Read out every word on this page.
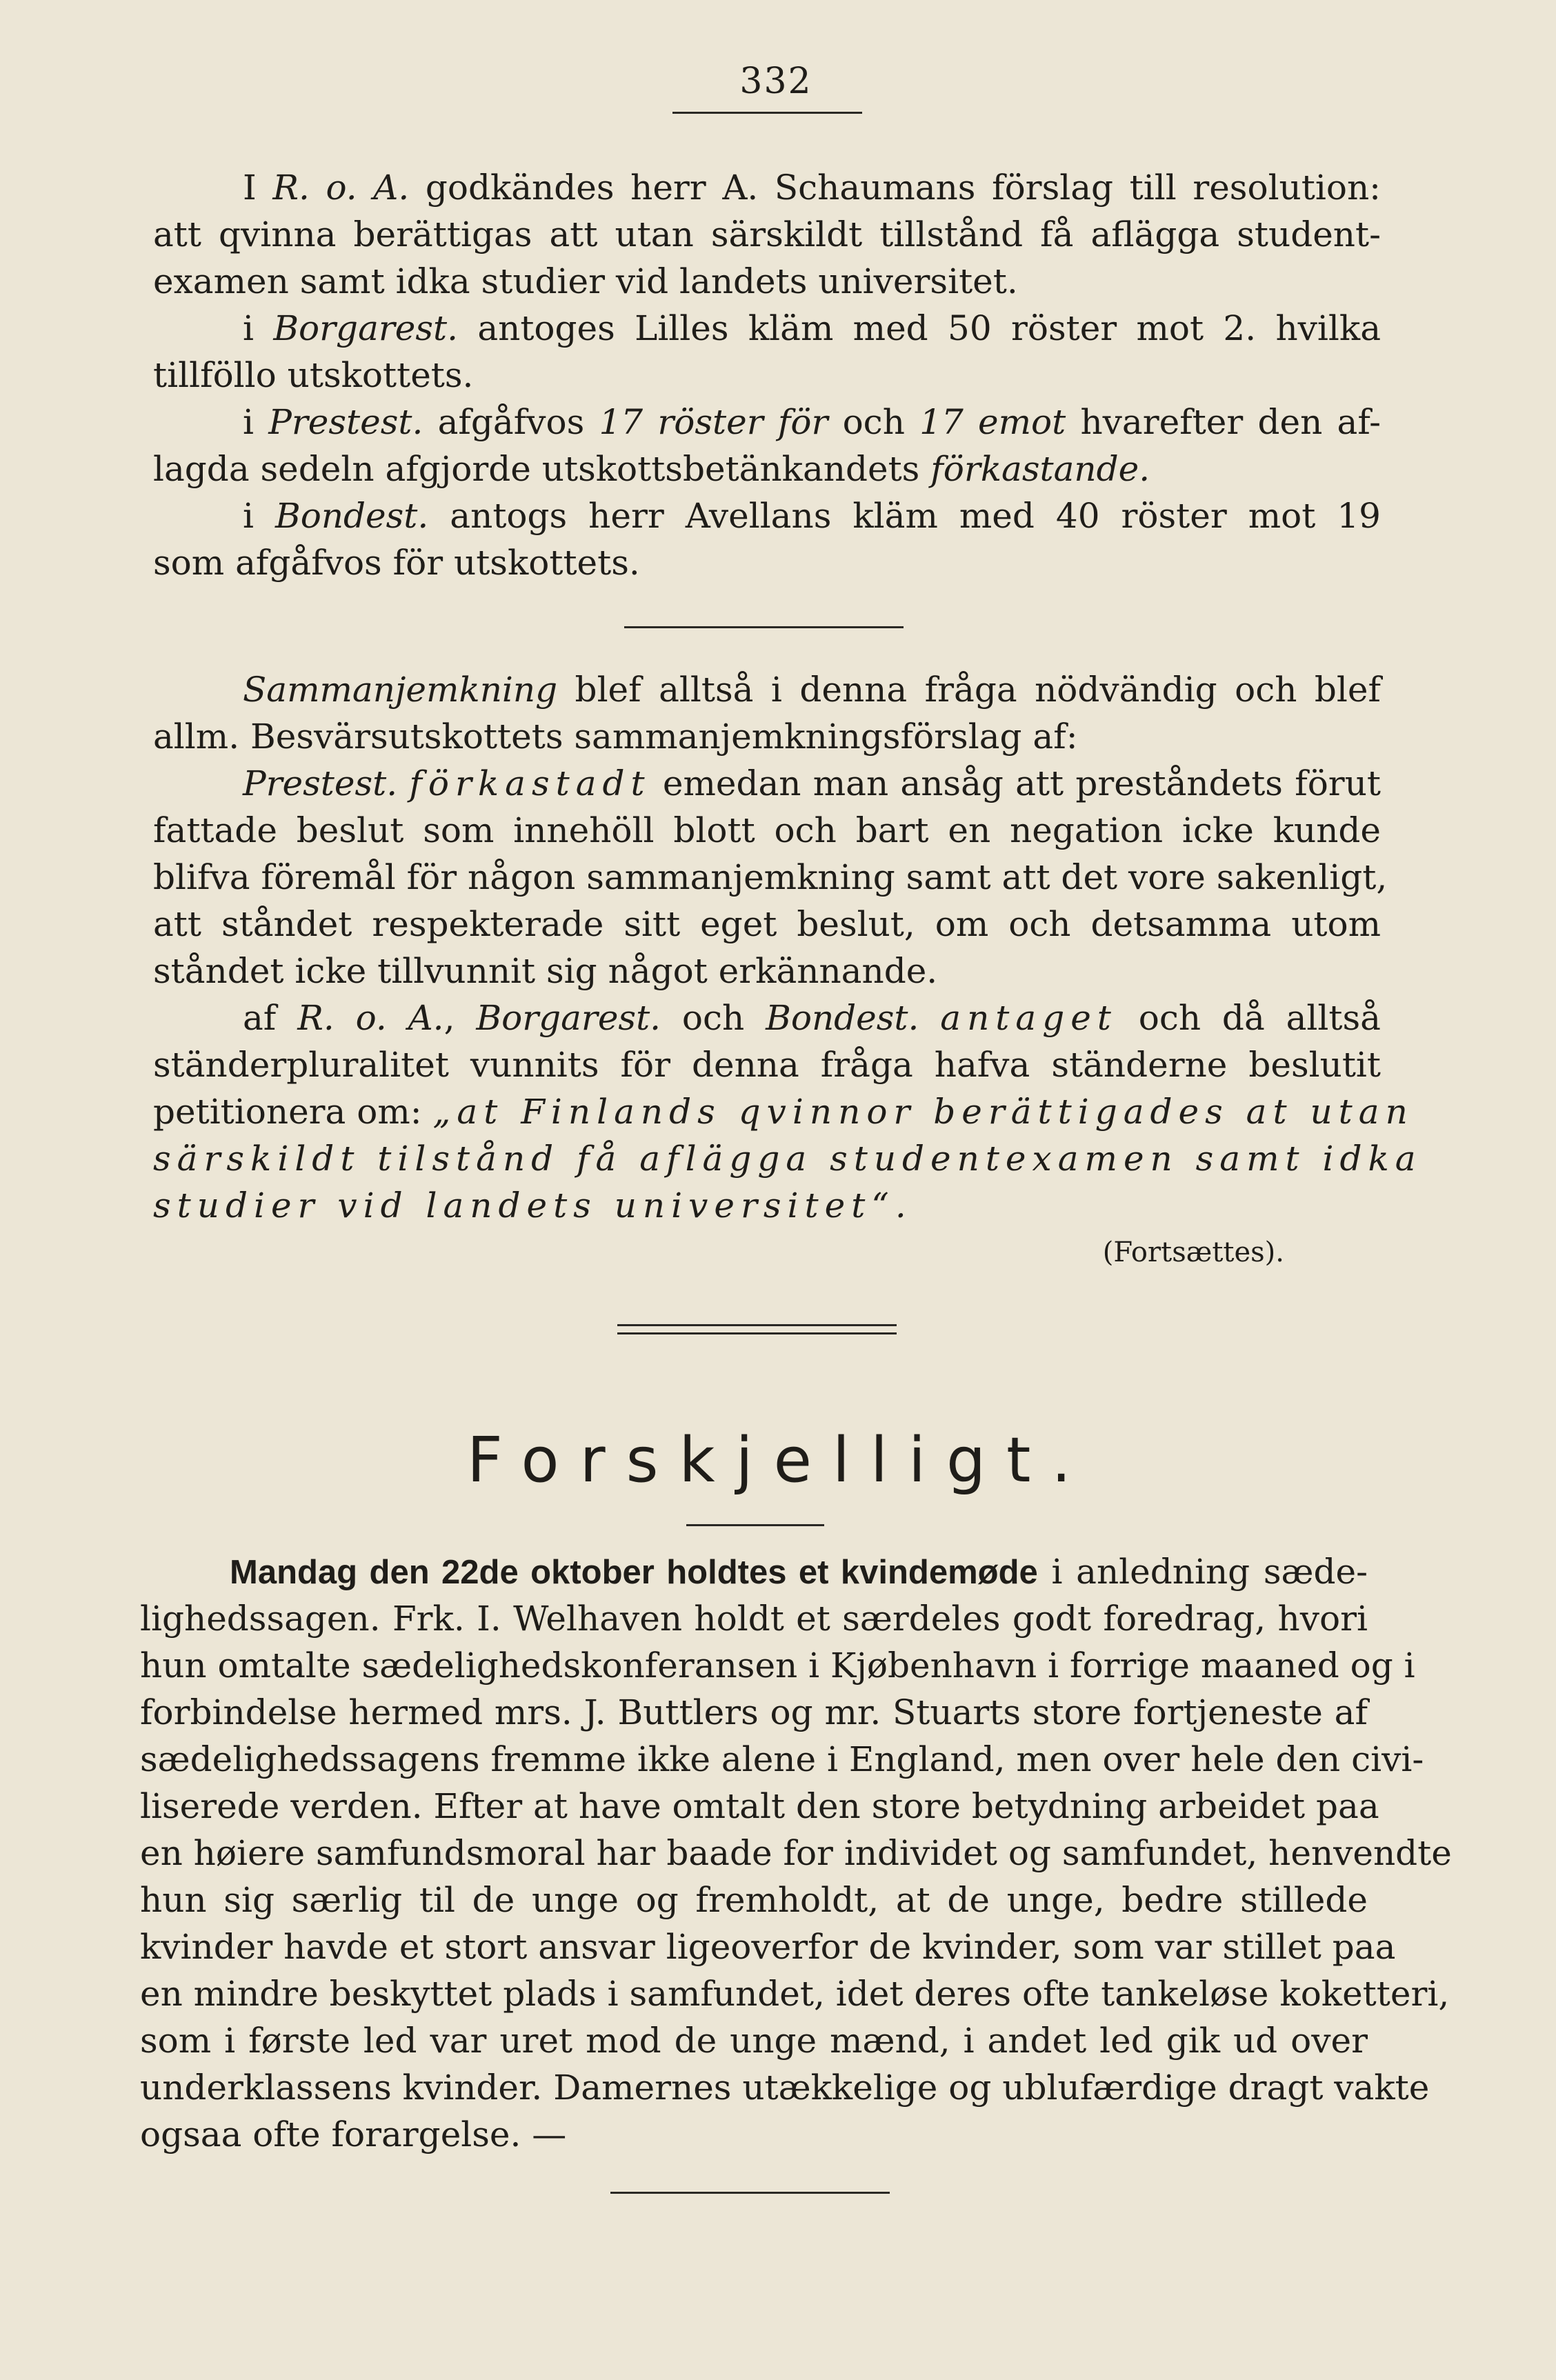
332

I R. o. A. godkändes herr A. Schaumans förslag till resolution:

att qvinna berättigas att utan särskildt tillstånd få aflägga student-

examen samt idka studier vid landets universitet.

i Borgarest. antoges Lilles kläm med 50 röster mot 2. hvilka

tillföllo utskottets.

i Prestest. afgåfvos 17 röster för och 17 emot hvarefter den af-

lagda sedeln afgjorde utskottsbetänkandets förkastande.

i Bondest. antogs herr Avellans kläm med 40 röster mot 19

som afgåfvos för utskottets.

Sammanjemkning blef alltså i denna fråga nödvändig och blef

allm. Besvärsutskottets sammanjemkningsförslag af:

Prestest. förkastadt emedan man ansåg att preståndets förut

fattade beslut som innehöll blott och bart en negation icke kunde

blifva föremål för någon sammanjemkning samt att det vore sakenligt,

att ståndet respekterade sitt eget beslut, om och detsamma utom

ståndet icke tillvunnit sig något erkännande.

af R. o. A., Borgarest. och Bondest. antaget och då alltså

ständerpluralitet vunnits för denna fråga hafva ständerne beslutit

petitionera om: „at Finlands qvinnor berättigades at utan

särskildt tilstånd få aflägga studentexamen samt idka

studier vid landets universitet“.

(Fortsættes).

Forskjelligt.

Mandag den 22de oktober holdtes et kvindemøde i anledning sæde-

lighedssagen. Frk. I. Welhaven holdt et særdeles godt foredrag, hvori

hun omtalte sædelighedskonferansen i Kjøbenhavn i forrige maaned og i

forbindelse hermed mrs. J. Buttlers og mr. Stuarts store fortjeneste af

sædelighedssagens fremme ikke alene i England, men over hele den civi-

liserede verden. Efter at have omtalt den store betydning arbeidet paa

en høiere samfundsmoral har baade for individet og samfundet, henvendte

hun sig særlig til de unge og fremholdt, at de unge, bedre stillede

kvinder havde et stort ansvar ligeoverfor de kvinder, som var stillet paa

en mindre beskyttet plads i samfundet, idet deres ofte tankeløse koketteri,

som i første led var uret mod de unge mænd, i andet led gik ud over

underklassens kvinder. Damernes utækkelige og ublufærdige dragt vakte

ogsaa ofte forargelse. —
